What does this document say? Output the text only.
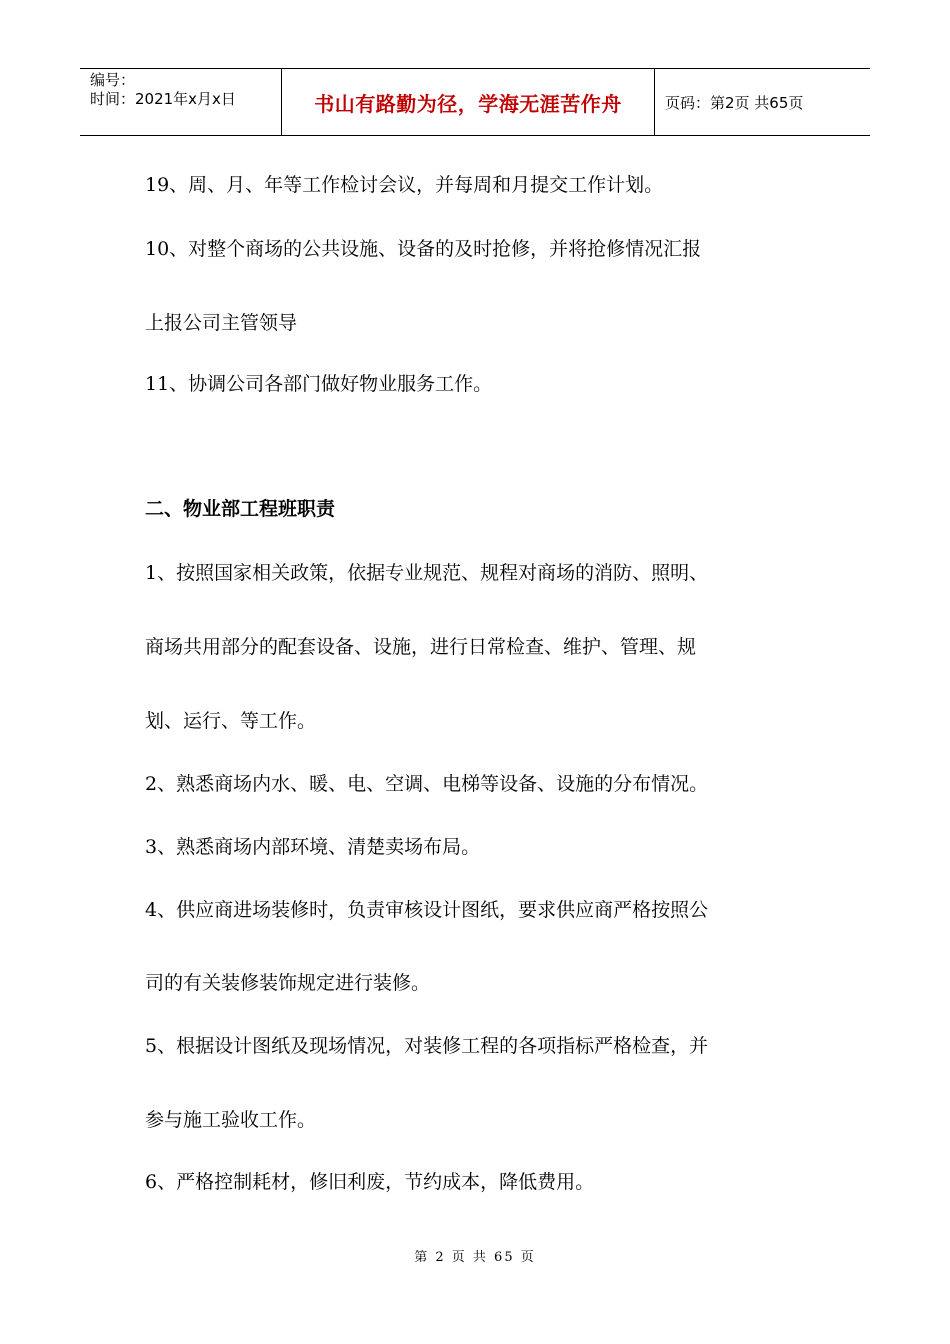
编号：
时间：2021年x月x日	书山有路勤为径，学海无涯苦作舟	页码：第2页 共65页

19、周、月、年等工作检讨会议，并每周和月提交工作计划。

10、对整个商场的公共设施、设备的及时抢修，并将抢修情况汇报

上报公司主管领导

11、协调公司各部门做好物业服务工作。

二、物业部工程班职责

1、按照国家相关政策，依据专业规范、规程对商场的消防、照明、

商场共用部分的配套设备、设施，进行日常检查、维护、管理、规

划、运行、等工作。

2、熟悉商场内水、暖、电、空调、电梯等设备、设施的分布情况。

3、熟悉商场内部环境、清楚卖场布局。

4、供应商进场装修时，负责审核设计图纸，要求供应商严格按照公

司的有关装修装饰规定进行装修。

5、根据设计图纸及现场情况，对装修工程的各项指标严格检查，并

参与施工验收工作。

6、严格控制耗材，修旧利废，节约成本，降低费用。

第 2 页 共 65 页
